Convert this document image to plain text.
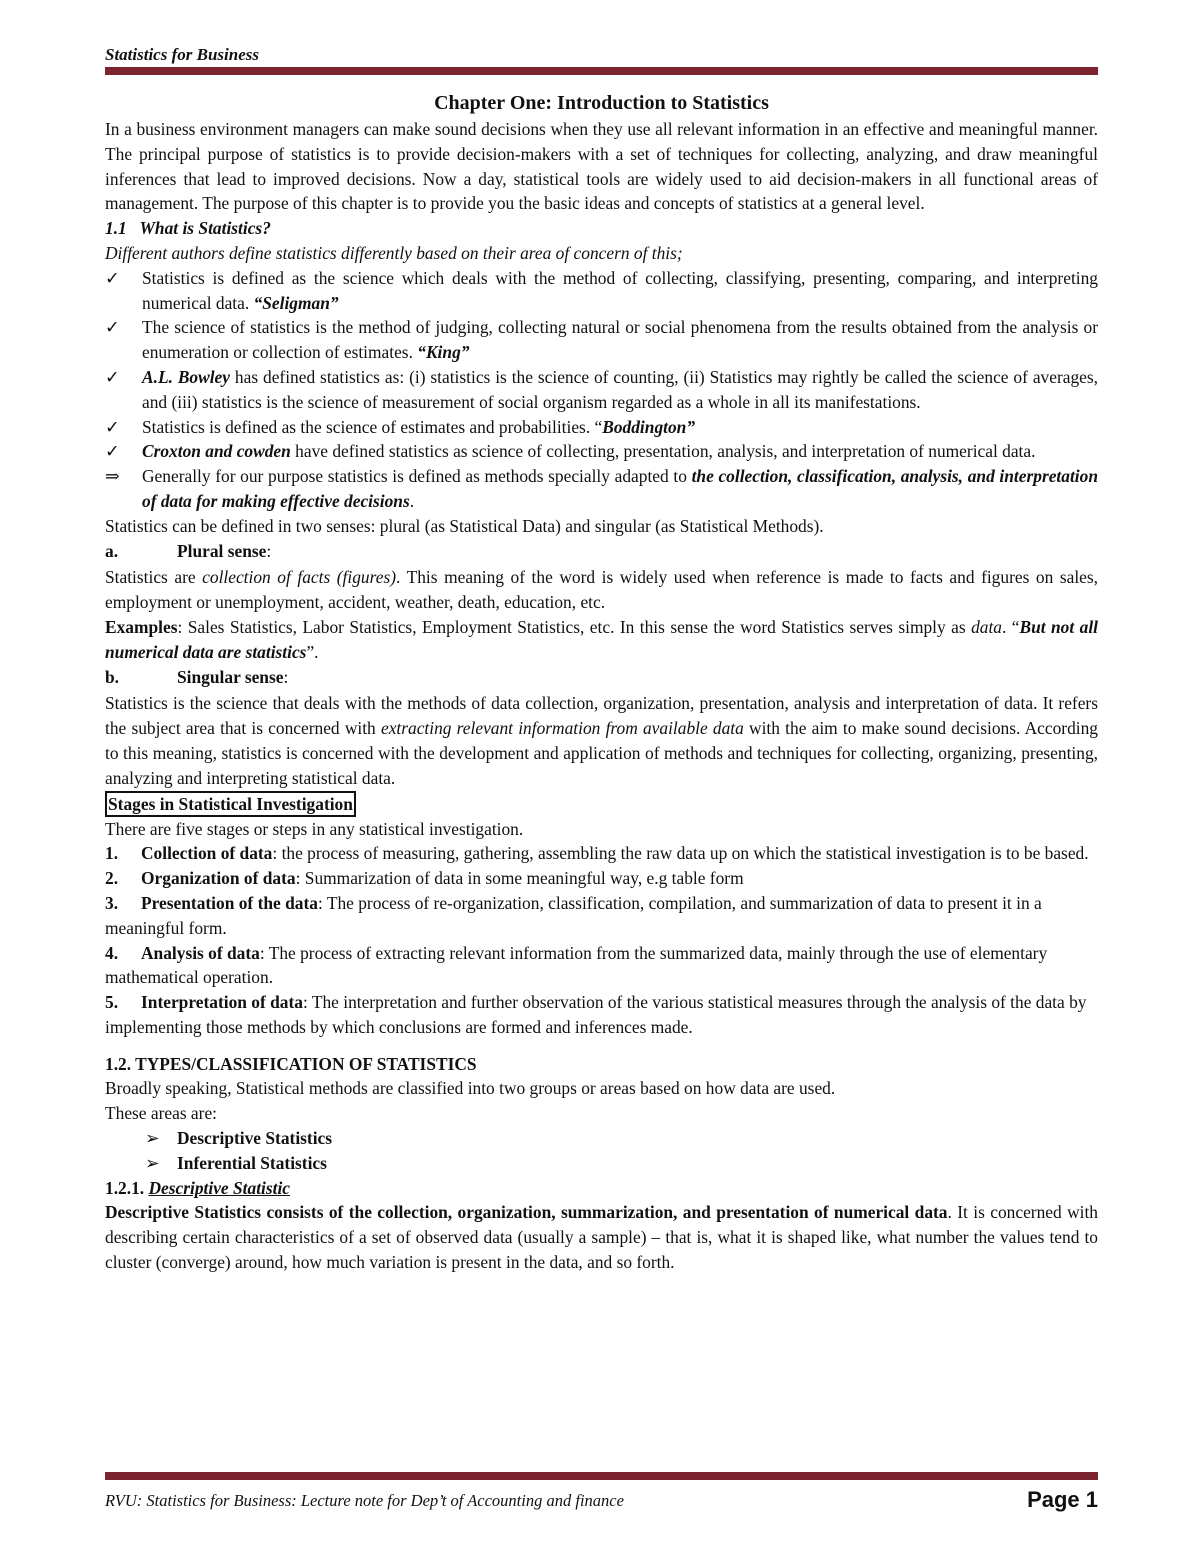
Statistics for Business
Chapter One: Introduction to Statistics

In a business environment managers can make sound decisions when they use all relevant information in an effective and meaningful manner. The principal purpose of statistics is to provide decision-makers with a set of techniques for collecting, analyzing, and draw meaningful inferences that lead to improved decisions. Now a day, statistical tools are widely used to aid decision-makers in all functional areas of management. The purpose of this chapter is to provide you the basic ideas and concepts of statistics at a general level.

1.1   What is Statistics?

Different authors define statistics differently based on their area of concern of this;

✓	Statistics is defined as the science which deals with the method of collecting, classifying, presenting, comparing, and interpreting numerical data. “Seligman”
✓	The science of statistics is the method of judging, collecting natural or social phenomena from the results obtained from the analysis or enumeration or collection of estimates. “King”
✓	A.L. Bowley has defined statistics as: (i) statistics is the science of counting, (ii) Statistics may rightly be called the science of averages, and (iii) statistics is the science of measurement of social organism regarded as a whole in all its manifestations.
✓	Statistics is defined as the science of estimates and probabilities. “Boddington”
✓	Croxton and cowden have defined statistics as science of collecting, presentation, analysis, and interpretation of numerical data.
⇒	Generally for our purpose statistics is defined as methods specially adapted to the collection, classification, analysis, and interpretation of data for making effective decisions.

Statistics can be defined in two senses: plural (as Statistical Data) and singular (as Statistical Methods).

a.	Plural sense:

Statistics are collection of facts (figures). This meaning of the word is widely used when reference is made to facts and figures on sales, employment or unemployment, accident, weather, death, education, etc.

Examples: Sales Statistics, Labor Statistics, Employment Statistics, etc. In this sense the word Statistics serves simply as data. “But not all numerical data are statistics”.

b.	Singular sense:

Statistics is the science that deals with the methods of data collection, organization, presentation, analysis and interpretation of data. It refers the subject area that is concerned with extracting relevant information from available data with the aim to make sound decisions. According to this meaning, statistics is concerned with the development and application of methods and techniques for collecting, organizing, presenting, analyzing and interpreting statistical data.

Stages in Statistical Investigation

There are five stages or steps in any statistical investigation.

1. Collection of data: the process of measuring, gathering, assembling the raw data up on which the statistical investigation is to be based.

2. Organization of data: Summarization of data in some meaningful way, e.g table form

3. Presentation of the data: The process of re-organization, classification, compilation, and summarization of data to present it in a meaningful form.

4. Analysis of data: The process of extracting relevant information from the summarized data, mainly through the use of elementary mathematical operation.

5. Interpretation of data: The interpretation and further observation of the various statistical measures through the analysis of the data by implementing those methods by which conclusions are formed and inferences made.

1.2. TYPES/CLASSIFICATION OF STATISTICS

Broadly speaking, Statistical methods are classified into two groups or areas based on how data are used.

These areas are:

➢ Descriptive Statistics

➢ Inferential Statistics

1.2.1. Descriptive Statistic

Descriptive Statistics consists of the collection, organization, summarization, and presentation of numerical data. It is concerned with describing certain characteristics of a set of observed data (usually a sample) – that is, what it is shaped like, what number the values tend to cluster (converge) around, how much variation is present in the data, and so forth.

RVU: Statistics for Business: Lecture note for Dep’t of Accounting and finance	Page 1
